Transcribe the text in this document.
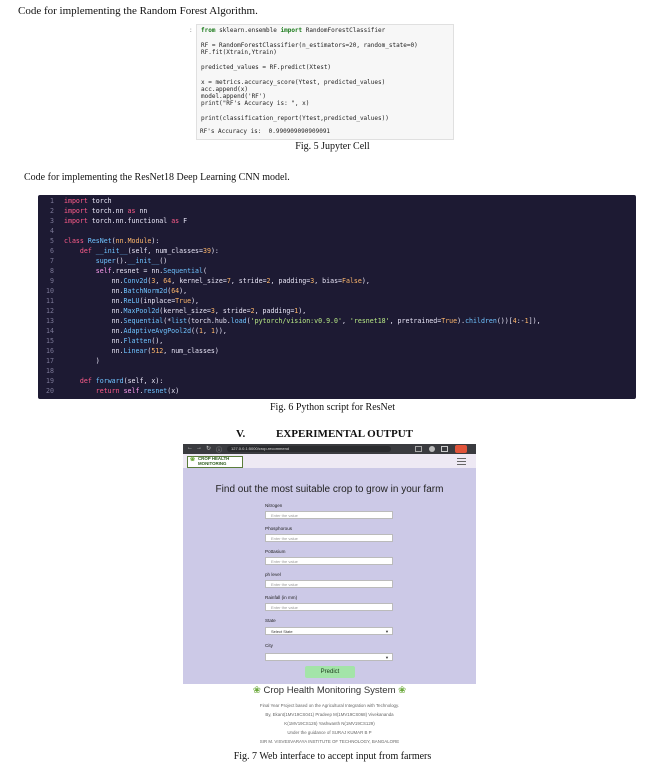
Code for implementing the Random Forest Algorithm.
: from sklearn.ensemble import RandomForestClassifier
RF = RandomForestClassifier(n_estimators=20, random_state=0)
RF.fit(Xtrain,Ytrain)
predicted_values = RF.predict(Xtest)
x = metrics.accuracy_score(Ytest, predicted_values)
acc.append(x)
model.append('RF')
print("RF's Accuracy is: ", x)
print(classification_report(Ytest,predicted_values))
RF's Accuracy is:  0.990909090909091
Fig. 5 Jupyter Cell
Code for implementing the ResNet18 Deep Learning CNN model.
1 import torch
2 import torch.nn as nn
3 import torch.nn.functional as F
4
5 class ResNet(nn.Module):
6	def __init__(self, num_classes=39):
7	super().__init__()
8	self.resnet = nn.Sequential(
9 nn.Conv2d(3, 64, kernel_size=7, stride=2, padding=3, bias=False),
10 nn.BatchNorm2d(64),
11 nn.ReLU(inplace=True),
12 nn.MaxPool2d(kernel_size=3, stride=2, padding=1),
13 nn.Sequential(*list(torch.hub.load('pytorch/vision:v0.9.0', 'resnet18', pretrained=True).children())[4:-1]),
14 nn.AdaptiveAvgPool2d((1, 1)),
15 nn.Flatten(),
16 nn.Linear(512, num_classes)
17 )
18
19	def forward(self, x):
20	return self.resnet(x)
Fig. 6 Python script for ResNet
V.	EXPERIMENTAL OUTPUT
← → ↻ ⓘ	127.0.0.1:5000/crop-recommend
❀ CROP HEALTH
MONITORING
Find out the most suitable crop to grow in your farm
Nitrogen
Enter the value
Phosphorous
Enter the value
Pottasium
Enter the value
ph level
Enter the value
Rainfall (in mm)
Enter the value
State
Select State	▼
City
▼
Predict
❀ Crop Health Monitoring System ❀
Final Year Project based on the Agricultural Integration with Technology.
By, Ekant(1MV19CS041) Pradeep M(1MV19CS068) Vivekananda
K(1MV19CS126) Yashwanth N(1MV19CS129)
Under the guidance of SURAJ KUMAR B P
SIR M. VISVESVARAYA INSTITUTE OF TECHNOLOGY, BANGALORE
Fig. 7 Web interface to accept input from farmers
